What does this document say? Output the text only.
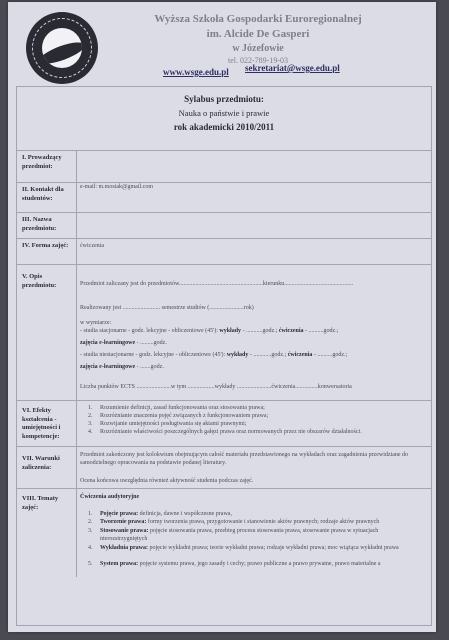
Wyższa Szkoła Gospodarki Euroregionalnej
im. Alcide De Gasperi
w Józefowie
tel. 022-789-19-03
www.wsge.edu.pl sekretariat@wsge.edu.pl
Sylabus przedmiotu:
Nauka o państwie i prawie
rok akademicki 2010/2011
I. Prowadzący przedmiot:
II. Kontakt dla studentów:
e-mail: m.mosiak@gmail.com
III. Nazwa przedmiotu:
IV. Forma zajęć:	ćwiczenia
V. Opis przedmiotu:	Przedmiot zaliczany jest do przedmiotów........................................................kierunku..............................................
Realizowany jest ......................... semestrze studiów (.......................rok)
w wymiarze:
- studia stacjonarne - godz. lekcyjne - obliczeniowe (45'): wykłady - ...........godz.; ćwiczenia - ..........godz.;
zajęcia e-learningowe - .........godz.
- studia niestacjonarne - godz. lekcyjne - obliczeniowe (45'): wykłady - ............godz.; ćwiczenia - ..........godz.;
zajęcia e-learningowe - .......godz.
Liczba punktów ECTS .......................w tym ..................wykłady .......................ćwiczenia...............konwersatoria
VI. Efekty kształcenia - umiejętności i kompetencje:
1. Rozumienie definicji, zasad funkcjonowania oraz stosowania prawa;
2. Rozróżnianie znaczenia pojęć związanych z funkcjonowaniem prawa;
3. Rozwijanie umiejętności posługiwania się aktami prawnymi;
4. Rozróżnianie właściwości poszczególnych gałęzi prawa oraz normowanych przez nie obszarów działalności.
VII. Warunki zaliczenia:
Przedmiot zakończony jest kolokwium obejmującym całość materiału przedstawionego na wykładach oraz zagadnienia przewidziane do samodzielnego opracowania na podstawie podanej literatury.
Ocena końcowa uwzględnia również aktywność studenta podczas zajęć.
VIII. Tematy zajęć:
Ćwiczenia audytoryjne
1. Pojęcie prawa: definicja, dawne i współczesne prawa,
2. Tworzenie prawa: formy tworzenia prawa, przygotowanie i stanowienie aktów prawnych; rodzaje aktów prawnych
3. Stosowanie prawa: pojęcie stosowania prawa, przebieg procesu stosowania prawa, stosowanie prawa w sytuacjach nierozstrzygniętych
4. Wykładnia prawa: pojęcie wykładni prawa; teorie wykładni prawa; rodzaje wykładni prawa; moc wiążąca wykładni prawa
5. System prawa: pojęcie systemu prawa, jego zasady i cechy; prawo publiczne a prawo prywatne, prawo materialne a
